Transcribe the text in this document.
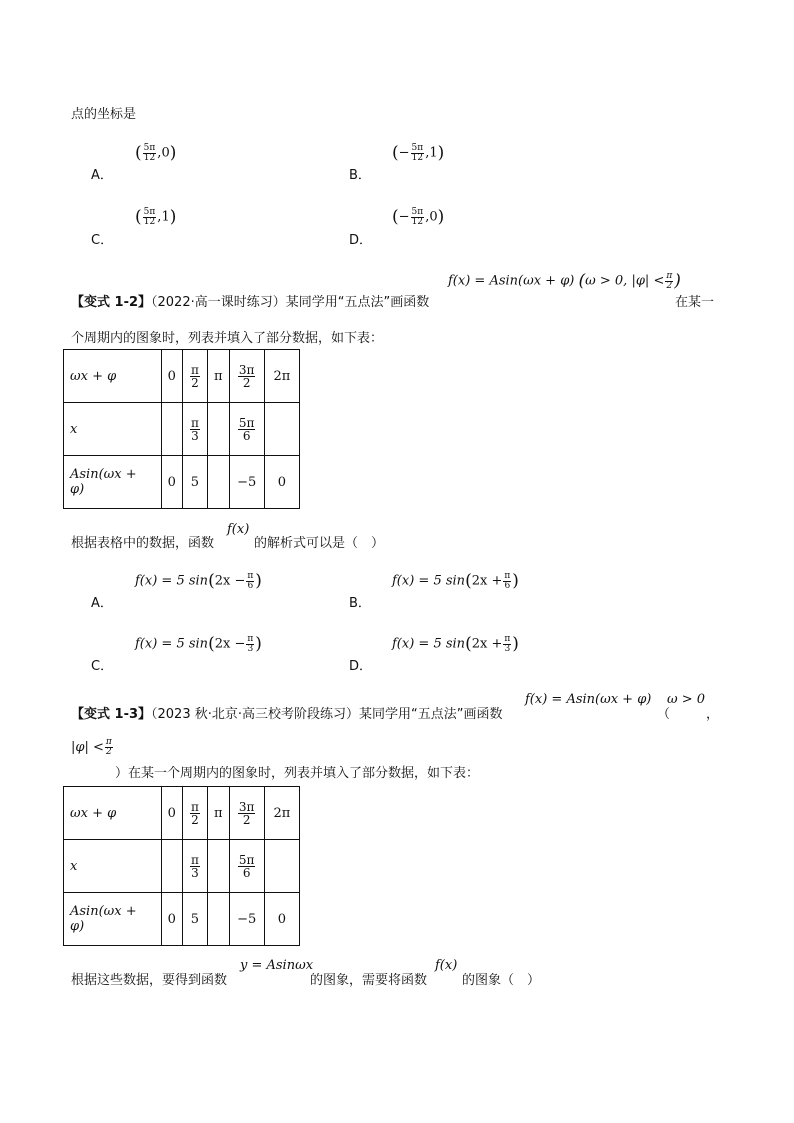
点的坐标是
A．
( $\frac{5\pi}{12} ,0$)
B．
(− $\frac{5\pi}{12} ,1$)
C．
( $\frac{5\pi}{12} ,1$)
D．
(− $\frac{5\pi}{12} ,0$)
【变式 1-2】（2022·高一课时练习）某同学用“五点法”画函数
f(x) = Asin(ωx + φ) (ω > 0, $|\varphi| < \frac{\pi}{2}$ )
在某一
个周期内的图象时，列表并填入了部分数据，如下表：
ωx + φ	0	$\frac{\pi}{2}$	π	$\frac{3\pi}{2}$	2π
x		$\frac{\pi}{3}$		$\frac{5\pi}{6}$

Asin(ωx + φ)	0	5		−5	0
根据表格中的数据，函数
f(x)
的解析式可以是（　）
A．
f(x) = 5 $\sin(2x - \frac{\pi}{6}$ )
B．
f(x) = 5 $\sin(2x + \frac{\pi}{6}$ )
C．
f(x) = 5 $\sin(2x - \frac{\pi}{3}$ )
D．
f(x) = 5 $\sin(2x + \frac{\pi}{3}$ )
【变式 1-3】（2023 秋·北京·高三校考阶段练习）某同学用“五点法”画函数
f(x) = Asin(ωx + φ)
（
ω > 0
，
$|\varphi| < \frac{\pi}{2}$
）在某一个周期内的图象时，列表并填入了部分数据，如下表：
ωx + φ	0	$\frac{\pi}{2}$	π	$\frac{3\pi}{2}$	2π
x		$\frac{\pi}{3}$		$\frac{5\pi}{6}$

Asin(ωx + φ)	0	5		−5	0
根据这些数据，要得到函数
y = Asinωx
的图象，需要将函数
f(x)
的图象（　）
